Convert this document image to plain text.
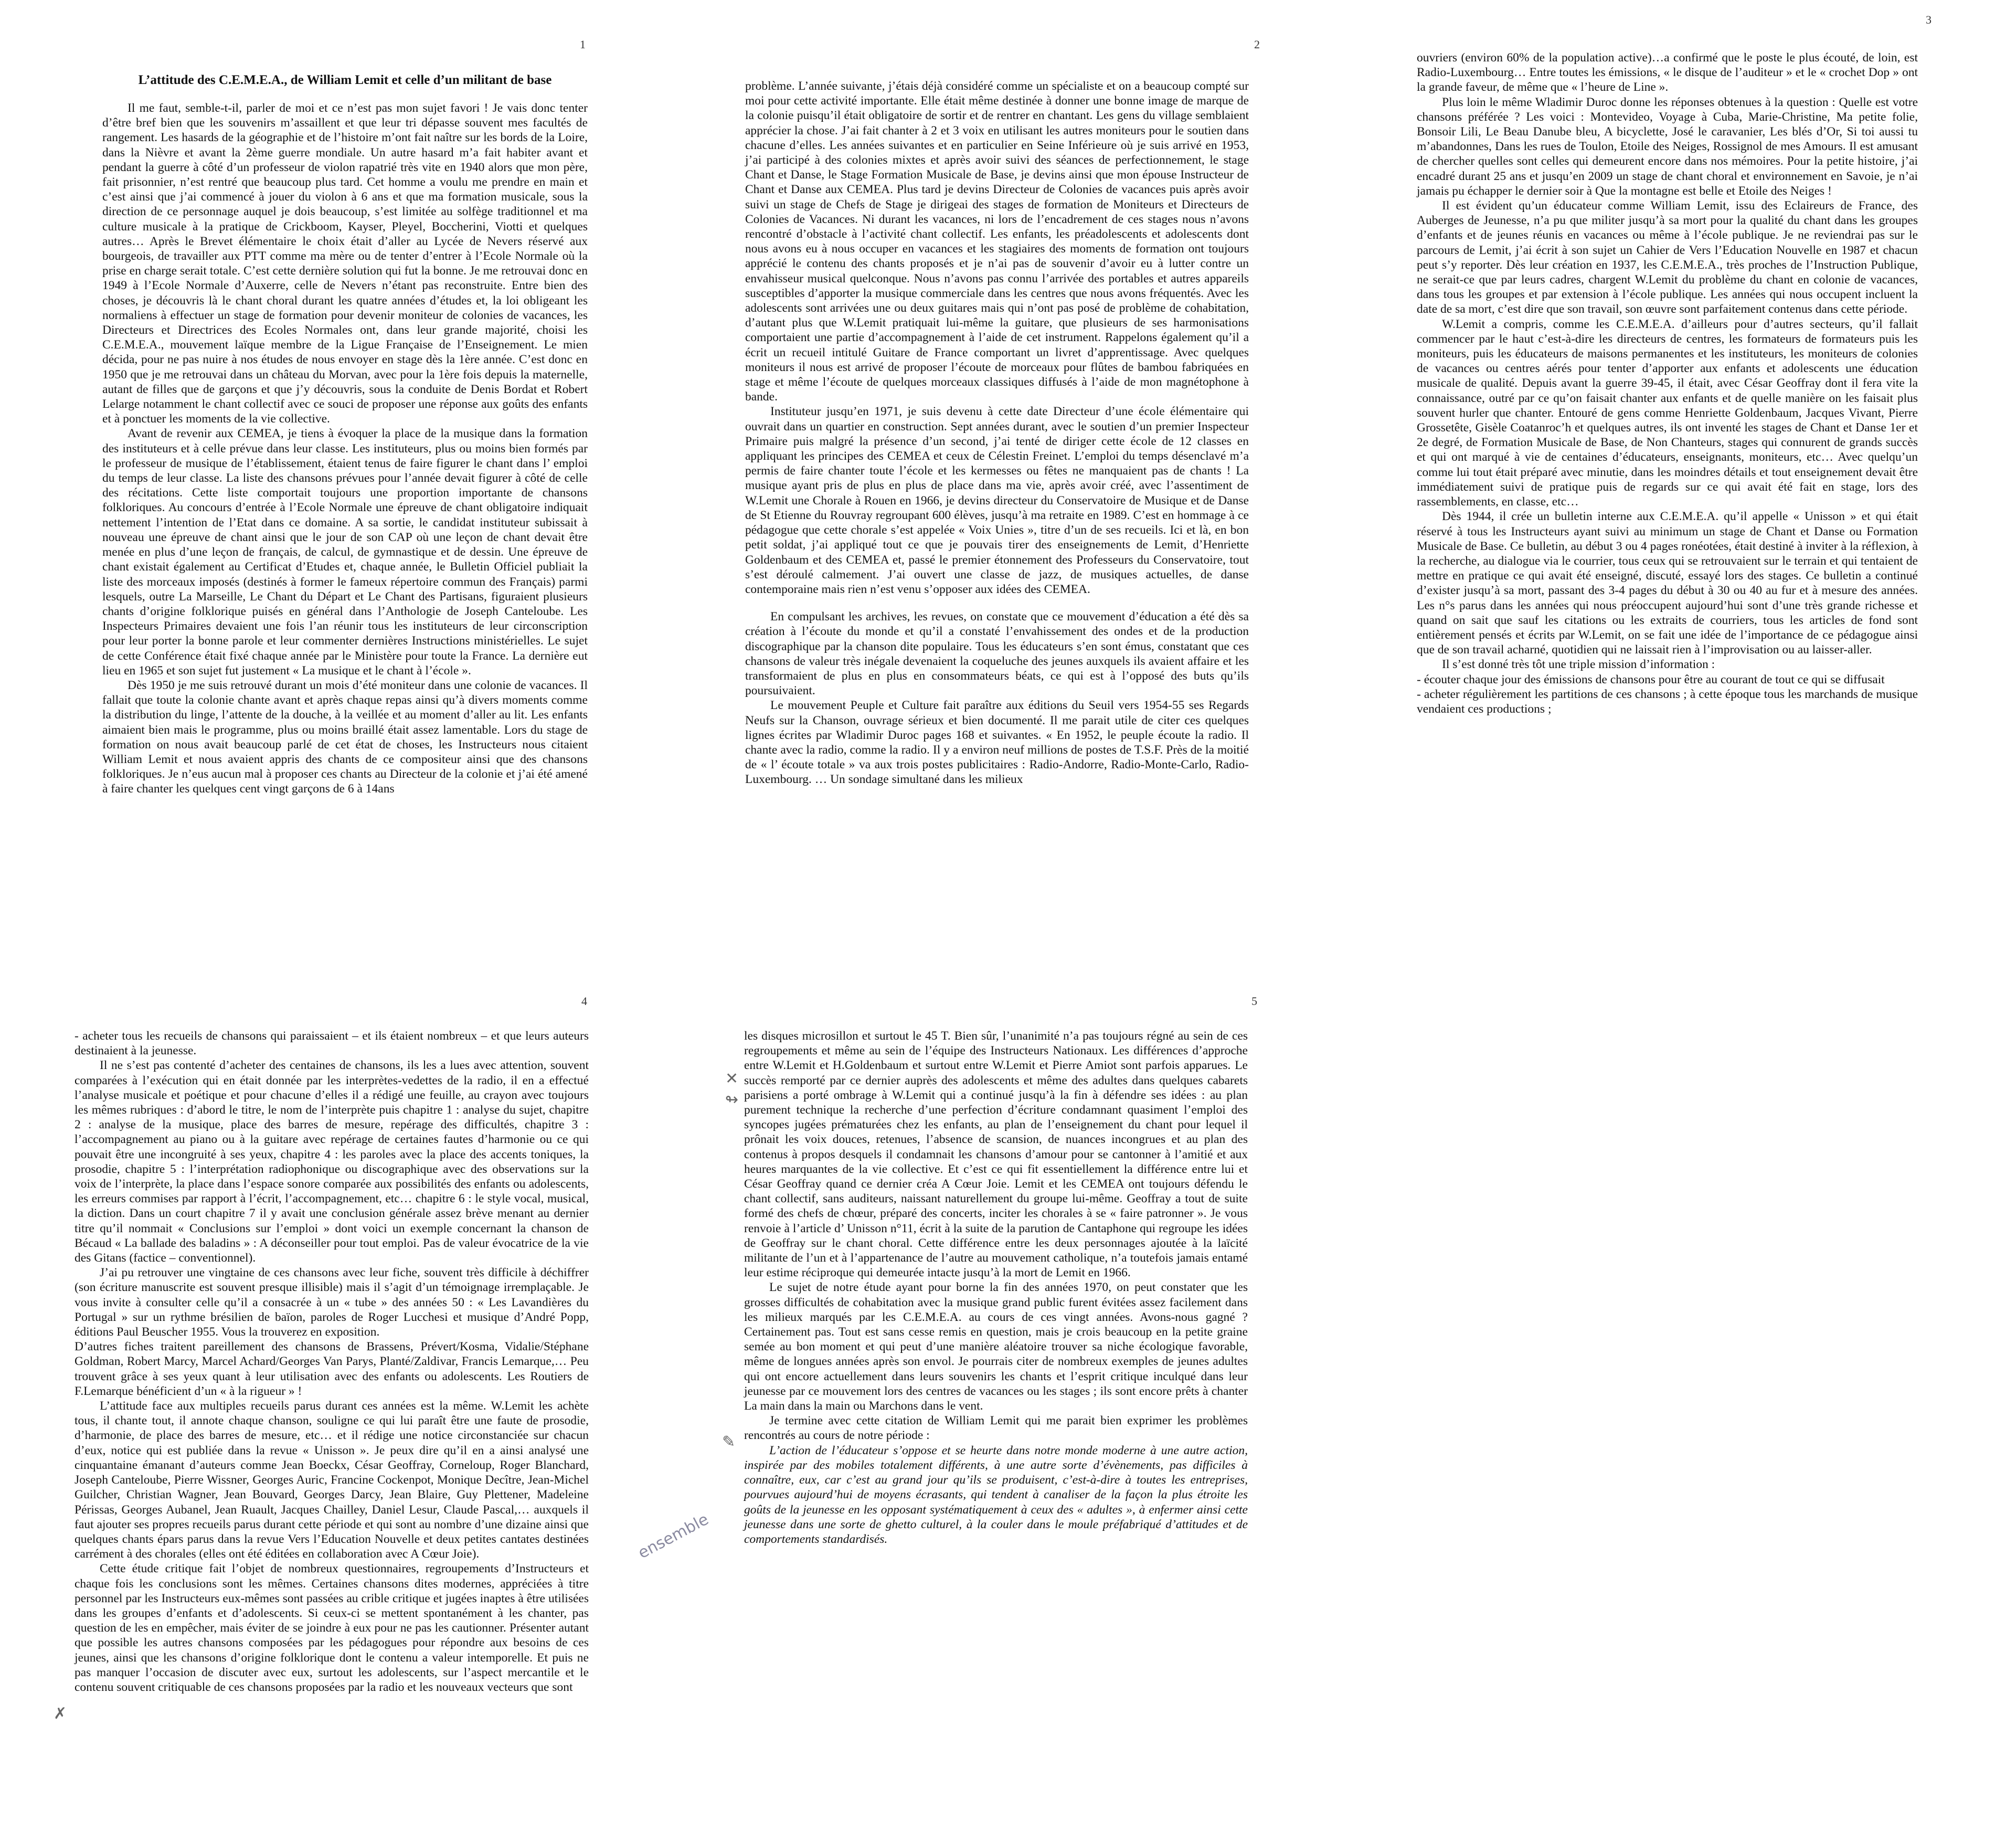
1
L’attitude des C.E.M.E.A., de William Lemit et celle d’un militant de base

Il me faut, semble-t-il, parler de moi et ce n’est pas mon sujet favori ! Je vais donc tenter d’être bref bien que les souvenirs m’assaillent et que leur tri dépasse souvent mes facultés de rangement. Les hasards de la géographie et de l’histoire m’ont fait naître sur les bords de la Loire, dans la Nièvre et avant la 2ème guerre mondiale. Un autre hasard m’a fait habiter avant et pendant la guerre à côté d’un professeur de violon rapatrié très vite en 1940 alors que mon père, fait prisonnier, n’est rentré que beaucoup plus tard. Cet homme a voulu me prendre en main et c’est ainsi que j’ai commencé à jouer du violon à 6 ans et que ma formation musicale, sous la direction de ce personnage auquel je dois beaucoup, s’est limitée au solfège traditionnel et ma culture musicale à la pratique de Crickboom, Kayser, Pleyel, Boccherini, Viotti et quelques autres… Après le Brevet élémentaire le choix était d’aller au Lycée de Nevers réservé aux bourgeois, de travailler aux PTT comme ma mère ou de tenter d’entrer à l’Ecole Normale où la prise en charge serait totale. C’est cette dernière solution qui fut la bonne. Je me retrouvai donc en 1949 à l’Ecole Normale d’Auxerre, celle de Nevers n’étant pas reconstruite. Entre bien des choses, je découvris là le chant choral durant les quatre années d’études et, la loi obligeant les normaliens à effectuer un stage de formation pour devenir moniteur de colonies de vacances, les Directeurs et Directrices des Ecoles Normales ont, dans leur grande majorité, choisi les C.E.M.E.A., mouvement laïque membre de la Ligue Française de l’Enseignement. Le mien décida, pour ne pas nuire à nos études de nous envoyer en stage dès la 1ère année. C’est donc en 1950 que je me retrouvai dans un château du Morvan, avec pour la 1ère fois depuis la maternelle, autant de filles que de garçons et que j’y découvris, sous la conduite de Denis Bordat et Robert Lelarge notamment le chant collectif avec ce souci de proposer une réponse aux goûts des enfants et à ponctuer les moments de la vie collective.

Avant de revenir aux CEMEA, je tiens à évoquer la place de la musique dans la formation des instituteurs et à celle prévue dans leur classe. Les instituteurs, plus ou moins bien formés par le professeur de musique de l’établissement, étaient tenus de faire figurer le chant dans l’ emploi du temps de leur classe. La liste des chansons prévues pour l’année devait figurer à côté de celle des récitations. Cette liste comportait toujours une proportion importante de chansons folkloriques. Au concours d’entrée à l’Ecole Normale une épreuve de chant obligatoire indiquait nettement l’intention de l’Etat dans ce domaine. A sa sortie, le candidat instituteur subissait à nouveau une épreuve de chant ainsi que le jour de son CAP où une leçon de chant devait être menée en plus d’une leçon de français, de calcul, de gymnastique et de dessin. Une épreuve de chant existait également au Certificat d’Etudes et, chaque année, le Bulletin Officiel publiait la liste des morceaux imposés (destinés à former le fameux répertoire commun des Français) parmi lesquels, outre La Marseille, Le Chant du Départ et Le Chant des Partisans, figuraient plusieurs chants d’origine folklorique puisés en général dans l’Anthologie de Joseph Canteloube. Les Inspecteurs Primaires devaient une fois l’an réunir tous les instituteurs de leur circonscription pour leur porter la bonne parole et leur commenter dernières Instructions ministérielles. Le sujet de cette Conférence était fixé chaque année par le Ministère pour toute la France. La dernière eut lieu en 1965 et son sujet fut justement « La musique et le chant à l’école ».

Dès 1950 je me suis retrouvé durant un mois d’été moniteur dans une colonie de vacances. Il fallait que toute la colonie chante avant et après chaque repas ainsi qu’à divers moments comme la distribution du linge, l’attente de la douche, à la veillée et au moment d’aller au lit. Les enfants aimaient bien mais le programme, plus ou moins braillé était assez lamentable. Lors du stage de formation on nous avait beaucoup parlé de cet état de choses, les Instructeurs nous citaient William Lemit et nous avaient appris des chants de ce compositeur ainsi que des chansons folkloriques. Je n’eus aucun mal à proposer ces chants au Directeur de la colonie et j’ai été amené à faire chanter les quelques cent vingt garçons de 6 à 14ans

2

problème. L’année suivante, j’étais déjà considéré comme un spécialiste et on a beaucoup compté sur moi pour cette activité importante. Elle était même destinée à donner une bonne image de marque de la colonie puisqu’il était obligatoire de sortir et de rentrer en chantant. Les gens du village semblaient apprécier la chose. J’ai fait chanter à 2 et 3 voix en utilisant les autres moniteurs pour le soutien dans chacune d’elles. Les années suivantes et en particulier en Seine Inférieure où je suis arrivé en 1953, j’ai participé à des colonies mixtes et après avoir suivi des séances de perfectionnement, le stage Chant et Danse, le Stage Formation Musicale de Base, je devins ainsi que mon épouse Instructeur de Chant et Danse aux CEMEA. Plus tard je devins Directeur de Colonies de vacances puis après avoir suivi un stage de Chefs de Stage je dirigeai des stages de formation de Moniteurs et Directeurs de Colonies de Vacances. Ni durant les vacances, ni lors de l’encadrement de ces stages nous n’avons rencontré d’obstacle à l’activité chant collectif. Les enfants, les préadolescents et adolescents dont nous avons eu à nous occuper en vacances et les stagiaires des moments de formation ont toujours apprécié le contenu des chants proposés et je n’ai pas de souvenir d’avoir eu à lutter contre un envahisseur musical quelconque. Nous n’avons pas connu l’arrivée des portables et autres appareils susceptibles d’apporter la musique commerciale dans les centres que nous avons fréquentés. Avec les adolescents sont arrivées une ou deux guitares mais qui n’ont pas posé de problème de cohabitation, d’autant plus que W.Lemit pratiquait lui-même la guitare, que plusieurs de ses harmonisations comportaient une partie d’accompagnement à l’aide de cet instrument. Rappelons également qu’il a écrit un recueil intitulé Guitare de France comportant un livret d’apprentissage. Avec quelques moniteurs il nous est arrivé de proposer l’écoute de morceaux pour flûtes de bambou fabriquées en stage et même l’écoute de quelques morceaux classiques diffusés à l’aide de mon magnétophone à bande.

Instituteur jusqu’en 1971, je suis devenu à cette date Directeur d’une école élémentaire qui ouvrait dans un quartier en construction. Sept années durant, avec le soutien d’un premier Inspecteur Primaire puis malgré la présence d’un second, j’ai tenté de diriger cette école de 12 classes en appliquant les principes des CEMEA et ceux de Célestin Freinet. L’emploi du temps désenclavé m’a permis de faire chanter toute l’école et les kermesses ou fêtes ne manquaient pas de chants ! La musique ayant pris de plus en plus de place dans ma vie, après avoir créé, avec l’assentiment de W.Lemit une Chorale à Rouen en 1966, je devins directeur du Conservatoire de Musique et de Danse de St Etienne du Rouvray regroupant 600 élèves, jusqu’à ma retraite en 1989. C’est en hommage à ce pédagogue que cette chorale s’est appelée « Voix Unies », titre d’un de ses recueils. Ici et là, en bon petit soldat, j’ai appliqué tout ce que je pouvais tirer des enseignements de Lemit, d’Henriette Goldenbaum et des CEMEA et, passé le premier étonnement des Professeurs du Conservatoire, tout s’est déroulé calmement. J’ai ouvert une classe de jazz, de musiques actuelles, de danse contemporaine mais rien n’est venu s’opposer aux idées des CEMEA.

En compulsant les archives, les revues, on constate que ce mouvement d’éducation a été dès sa création à l’écoute du monde et qu’il a constaté l’envahissement des ondes et de la production discographique par la chanson dite populaire. Tous les éducateurs s’en sont émus, constatant que ces chansons de valeur très inégale devenaient la coqueluche des jeunes auxquels ils avaient affaire et les transformaient de plus en plus en consommateurs béats, ce qui est à l’opposé des buts qu’ils poursuivaient.

Le mouvement Peuple et Culture fait paraître aux éditions du Seuil vers 1954-55 ses Regards Neufs sur la Chanson, ouvrage sérieux et bien documenté. Il me parait utile de citer ces quelques lignes écrites par Wladimir Duroc pages 168 et suivantes. « En 1952, le peuple écoute la radio. Il chante avec la radio, comme la radio. Il y a environ neuf millions de postes de T.S.F. Près de la moitié de « l’ écoute totale » va aux trois postes publicitaires : Radio-Andorre, Radio-Monte-Carlo, Radio-Luxembourg. … Un sondage simultané dans les milieux

3

ouvriers (environ 60% de la population active)…a confirmé que le poste le plus écouté, de loin, est Radio-Luxembourg… Entre toutes les émissions, « le disque de l’auditeur » et le « crochet Dop » ont la grande faveur, de même que « l’heure de Line ».

Plus loin le même Wladimir Duroc donne les réponses obtenues à la question : Quelle est votre chansons préférée ? Les voici : Montevideo, Voyage à Cuba, Marie-Christine, Ma petite folie, Bonsoir Lili, Le Beau Danube bleu, A bicyclette, José le caravanier, Les blés d’Or, Si toi aussi tu m’abandonnes, Dans les rues de Toulon, Etoile des Neiges, Rossignol de mes Amours. Il est amusant de chercher quelles sont celles qui demeurent encore dans nos mémoires. Pour la petite histoire, j’ai encadré durant 25 ans et jusqu’en 2009 un stage de chant choral et environnement en Savoie, je n’ai jamais pu échapper le dernier soir à Que la montagne est belle et Etoile des Neiges !

Il est évident qu’un éducateur comme William Lemit, issu des Eclaireurs de France, des Auberges de Jeunesse, n’a pu que militer jusqu’à sa mort pour la qualité du chant dans les groupes d’enfants et de jeunes réunis en vacances ou même à l’école publique. Je ne reviendrai pas sur le parcours de Lemit, j’ai écrit à son sujet un Cahier de Vers l’Education Nouvelle en 1987 et chacun peut s’y reporter. Dès leur création en 1937, les C.E.M.E.A., très proches de l’Instruction Publique, ne serait-ce que par leurs cadres, chargent W.Lemit du problème du chant en colonie de vacances, dans tous les groupes et par extension à l’école publique. Les années qui nous occupent incluent la date de sa mort, c’est dire que son travail, son œuvre sont parfaitement contenus dans cette période.

W.Lemit a compris, comme les C.E.M.E.A. d’ailleurs pour d’autres secteurs, qu’il fallait commencer par le haut c’est-à-dire les directeurs de centres, les formateurs de formateurs puis les moniteurs, puis les éducateurs de maisons permanentes et les instituteurs, les moniteurs de colonies de vacances ou centres aérés pour tenter d’apporter aux enfants et adolescents une éducation musicale de qualité. Depuis avant la guerre 39-45, il était, avec César Geoffray dont il fera vite la connaissance, outré par ce qu’on faisait chanter aux enfants et de quelle manière on les faisait plus souvent hurler que chanter. Entouré de gens comme Henriette Goldenbaum, Jacques Vivant, Pierre Grossetête, Gisèle Coatanroc’h et quelques autres, ils ont inventé les stages de Chant et Danse 1er et 2e degré, de Formation Musicale de Base, de Non Chanteurs, stages qui connurent de grands succès et qui ont marqué à vie de centaines d’éducateurs, enseignants, moniteurs, etc… Avec quelqu’un comme lui tout était préparé avec minutie, dans les moindres détails et tout enseignement devait être immédiatement suivi de pratique puis de regards sur ce qui avait été fait en stage, lors des rassemblements, en classe, etc…

Dès 1944, il crée un bulletin interne aux C.E.M.E.A. qu’il appelle « Unisson » et qui était réservé à tous les Instructeurs ayant suivi au minimum un stage de Chant et Danse ou Formation Musicale de Base. Ce bulletin, au début 3 ou 4 pages ronéotées, était destiné à inviter à la réflexion, à la recherche, au dialogue via le courrier, tous ceux qui se retrouvaient sur le terrain et qui tentaient de mettre en pratique ce qui avait été enseigné, discuté, essayé lors des stages. Ce bulletin a continué d’exister jusqu’à sa mort, passant des 3-4 pages du début à 30 ou 40 au fur et à mesure des années. Les n°s parus dans les années qui nous préoccupent aujourd’hui sont d’une très grande richesse et quand on sait que sauf les citations ou les extraits de courriers, tous les articles de fond sont entièrement pensés et écrits par W.Lemit, on se fait une idée de l’importance de ce pédagogue ainsi que de son travail acharné, quotidien qui ne laissait rien à l’improvisation ou au laisser-aller.

Il s’est donné très tôt une triple mission d’information :

- écouter chaque jour des émissions de chansons pour être au courant de tout ce qui se diffusait

- acheter régulièrement les partitions de ces chansons ; à cette époque tous les marchands de musique vendaient ces productions ;

4

- acheter tous les recueils de chansons qui paraissaient – et ils étaient nombreux – et que leurs auteurs destinaient à la jeunesse.

Il ne s’est pas contenté d’acheter des centaines de chansons, ils les a lues avec attention, souvent comparées à l’exécution qui en était donnée par les interprètes-vedettes de la radio, il en a effectué l’analyse musicale et poétique et pour chacune d’elles il a rédigé une feuille, au crayon avec toujours les mêmes rubriques : d’abord le titre, le nom de l’interprète puis chapitre 1 : analyse du sujet, chapitre 2 : analyse de la musique, place des barres de mesure, repérage des difficultés, chapitre 3 : l’accompagnement au piano ou à la guitare avec repérage de certaines fautes d’harmonie ou ce qui pouvait être une incongruité à ses yeux, chapitre 4 : les paroles avec la place des accents toniques, la prosodie, chapitre 5 : l’interprétation radiophonique ou discographique avec des observations sur la voix de l’interprète, la place dans l’espace sonore comparée aux possibilités des enfants ou adolescents, les erreurs commises par rapport à l’écrit, l’accompagnement, etc… chapitre 6 : le style vocal, musical, la diction. Dans un court chapitre 7 il y avait une conclusion générale assez brève menant au dernier titre qu’il nommait « Conclusions sur l’emploi » dont voici un exemple concernant la chanson de Bécaud « La ballade des baladins » : A déconseiller pour tout emploi. Pas de valeur évocatrice de la vie des Gitans (factice – conventionnel).

J’ai pu retrouver une vingtaine de ces chansons avec leur fiche, souvent très difficile à déchiffrer (son écriture manuscrite est souvent presque illisible) mais il s’agit d’un témoignage irremplaçable. Je vous invite à consulter celle qu’il a consacrée à un « tube » des années 50 : « Les Lavandières du Portugal » sur un rythme brésilien de baïon, paroles de Roger Lucchesi et musique d’André Popp, éditions Paul Beuscher 1955. Vous la trouverez en exposition.

D’autres fiches traitent pareillement des chansons de Brassens, Prévert/Kosma, Vidalie/Stéphane Goldman, Robert Marcy, Marcel Achard/Georges Van Parys, Planté/Zaldivar, Francis Lemarque,… Peu trouvent grâce à ses yeux quant à leur utilisation avec des enfants ou adolescents. Les Routiers de F.Lemarque bénéficient d’un « à la rigueur » !

L’attitude face aux multiples recueils parus durant ces années est la même. W.Lemit les achète tous, il chante tout, il annote chaque chanson, souligne ce qui lui paraît être une faute de prosodie, d’harmonie, de place des barres de mesure, etc… et il rédige une notice circonstanciée sur chacun d’eux, notice qui est publiée dans la revue « Unisson ». Je peux dire qu’il en a ainsi analysé une cinquantaine émanant d’auteurs comme Jean Boeckx, César Geoffray, Corneloup, Roger Blanchard, Joseph Canteloube, Pierre Wissner, Georges Auric, Francine Cockenpot, Monique Decître, Jean-Michel Guilcher, Christian Wagner, Jean Bouvard, Georges Darcy, Jean Blaire, Guy Plettener, Madeleine Périssas, Georges Aubanel, Jean Ruault, Jacques Chailley, Daniel Lesur, Claude Pascal,… auxquels il faut ajouter ses propres recueils parus durant cette période et qui sont au nombre d’une dizaine ainsi que quelques chants épars parus dans la revue Vers l’Education Nouvelle et deux petites cantates destinées carrément à des chorales (elles ont été éditées en collaboration avec A Cœur Joie).

Cette étude critique fait l’objet de nombreux questionnaires, regroupements d’Instructeurs et chaque fois les conclusions sont les mêmes. Certaines chansons dites modernes, appréciées à titre personnel par les Instructeurs eux-mêmes sont passées au crible critique et jugées inaptes à être utilisées dans les groupes d’enfants et d’adolescents. Si ceux-ci se mettent spontanément à les chanter, pas question de les en empêcher, mais éviter de se joindre à eux pour ne pas les cautionner. Présenter autant que possible les autres chansons composées par les pédagogues pour répondre aux besoins de ces jeunes, ainsi que les chansons d’origine folklorique dont le contenu a valeur intemporelle. Et puis ne pas manquer l’occasion de discuter avec eux, surtout les adolescents, sur l’aspect mercantile et le contenu souvent critiquable de ces chansons proposées par la radio et les nouveaux vecteurs que sont

✗
5

les disques microsillon et surtout le 45 T. Bien sûr, l’unanimité n’a pas toujours régné au sein de ces regroupements et même au sein de l’équipe des Instructeurs Nationaux. Les différences d’approche entre W.Lemit et H.Goldenbaum et surtout entre W.Lemit et Pierre Amiot sont parfois apparues. Le succès remporté par ce dernier auprès des adolescents et même des adultes dans quelques cabarets parisiens a porté ombrage à W.Lemit qui a continué jusqu’à la fin à défendre ses idées : au plan purement technique la recherche d’une perfection d’écriture condamnant quasiment l’emploi des syncopes jugées prématurées chez les enfants, au plan de l’enseignement du chant pour lequel il prônait les voix douces, retenues, l’absence de scansion, de nuances incongrues et au plan des contenus à propos desquels il condamnait les chansons d’amour pour se cantonner à l’amitié et aux heures marquantes de la vie collective. Et c’est ce qui fit essentiellement la différence entre lui et César Geoffray quand ce dernier créa A Cœur Joie. Lemit et les CEMEA ont toujours défendu le chant collectif, sans auditeurs, naissant naturellement du groupe lui-même. Geoffray a tout de suite formé des chefs de chœur, préparé des concerts, inciter les chorales à se « faire patronner ». Je vous renvoie à l’article d’ Unisson n°11, écrit à la suite de la parution de Cantaphone qui regroupe les idées de Geoffray sur le chant choral. Cette différence entre les deux personnages ajoutée à la laïcité militante de l’un et à l’appartenance de l’autre au mouvement catholique, n’a toutefois jamais entamé leur estime réciproque qui demeurée intacte jusqu’à la mort de Lemit en 1966.

Le sujet de notre étude ayant pour borne la fin des années 1970, on peut constater que les grosses difficultés de cohabitation avec la musique grand public furent évitées assez facilement dans les milieux marqués par les C.E.M.E.A. au cours de ces vingt années. Avons-nous gagné ? Certainement pas. Tout est sans cesse remis en question, mais je crois beaucoup en la petite graine semée au bon moment et qui peut d’une manière aléatoire trouver sa niche écologique favorable, même de longues années après son envol. Je pourrais citer de nombreux exemples de jeunes adultes qui ont encore actuellement dans leurs souvenirs les chants et l’esprit critique inculqué dans leur jeunesse par ce mouvement lors des centres de vacances ou les stages ; ils sont encore prêts à chanter La main dans la main ou Marchons dans le vent.

Je termine avec cette citation de William Lemit qui me parait bien exprimer les problèmes rencontrés au cours de notre période :

L’action de l’éducateur s’oppose et se heurte dans notre monde moderne à une autre action, inspirée par des mobiles totalement différents, à une autre sorte d’évènements, pas difficiles à connaître, eux, car c’est au grand jour qu’ils se produisent, c’est-à-dire à toutes les entreprises, pourvues aujourd’hui de moyens écrasants, qui tendent à canaliser de la façon la plus étroite les goûts de la jeunesse en les opposant systématiquement à ceux des « adultes », à enfermer ainsi cette jeunesse dans une sorte de ghetto culturel, à la couler dans le moule préfabriqué d’attitudes et de comportements standardisés.

✕
↬
✎
ensemble
